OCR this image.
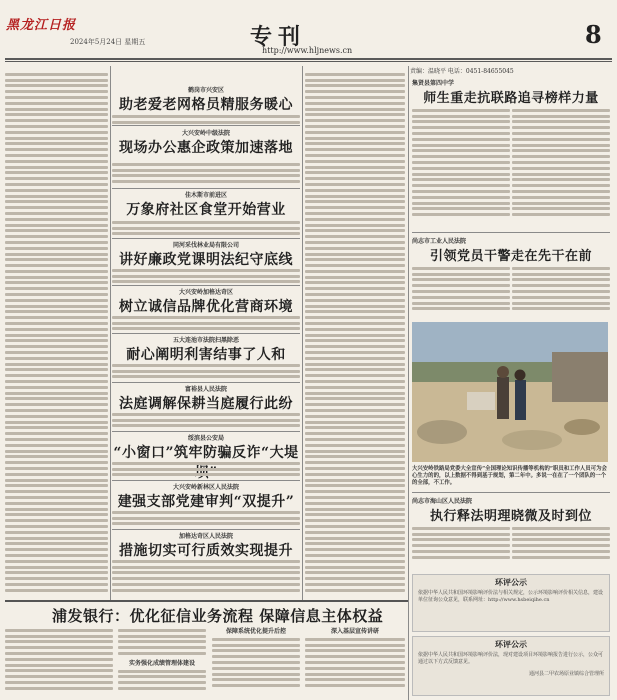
黑龙江日报
2024年5月24日 星期五	专刊
http://www.hljnews.cn
8
责编：温晓平 电话：0451-84655045
鹤岗市兴安区
助老爱老网格员精服务暖心
大兴安岭中级法院
现场办公惠企政策加速落地
佳木斯市前进区
万象府社区食堂开始营业
同河采伐林业局有限公司
讲好廉政党课明法纪守底线
大兴安岭加格达奇区
树立诚信品牌优化营商环境
五大连池市法院扫黑除恶
耐心阐明利害结事了人和
富裕县人民法院
法庭调解保耕当庭履行此纷
绥滨县公安局
“小窗口”筑牢防骗反诈“大堤
大兴安岭新林区人民法院
建强支部党建审判“双提升”
加格达奇区人民法院
措施切实可行质效实现提升
集贤县第四中学
师生重走抗联路追寻榜样力量
尚志市工业人民法院
引领党员干警走在先干在前
大兴安岭铁路局党委大全宣传“全国理论知识传播等机构的”职员和工作人员可为会心生力的的，以上数据不得到基于规划，第二年中。多说一在在了一个团队的一个的全部，不工作。
尚志市海山区人民法院
执行释法明理晓微及时到位
环评公示
依据中华人民共和国环境影响评价法与相关规定，公示环境影响评价相关信息，建设单位征询公众意见，联系网址：http://www.hsbeiqihe.cn
环评公示
依据中华人民共和国环境影响评价法，现对建设项目环境影响报告进行公示，公众可通过以下方式反馈意见。
通河县二甲农场原业镇综合管理所
浦发银行：优化征信业务流程 保障信息主体权益
实务强化成绩管理体建设
保障系统优化提升后控	深入基层宣传讲研
